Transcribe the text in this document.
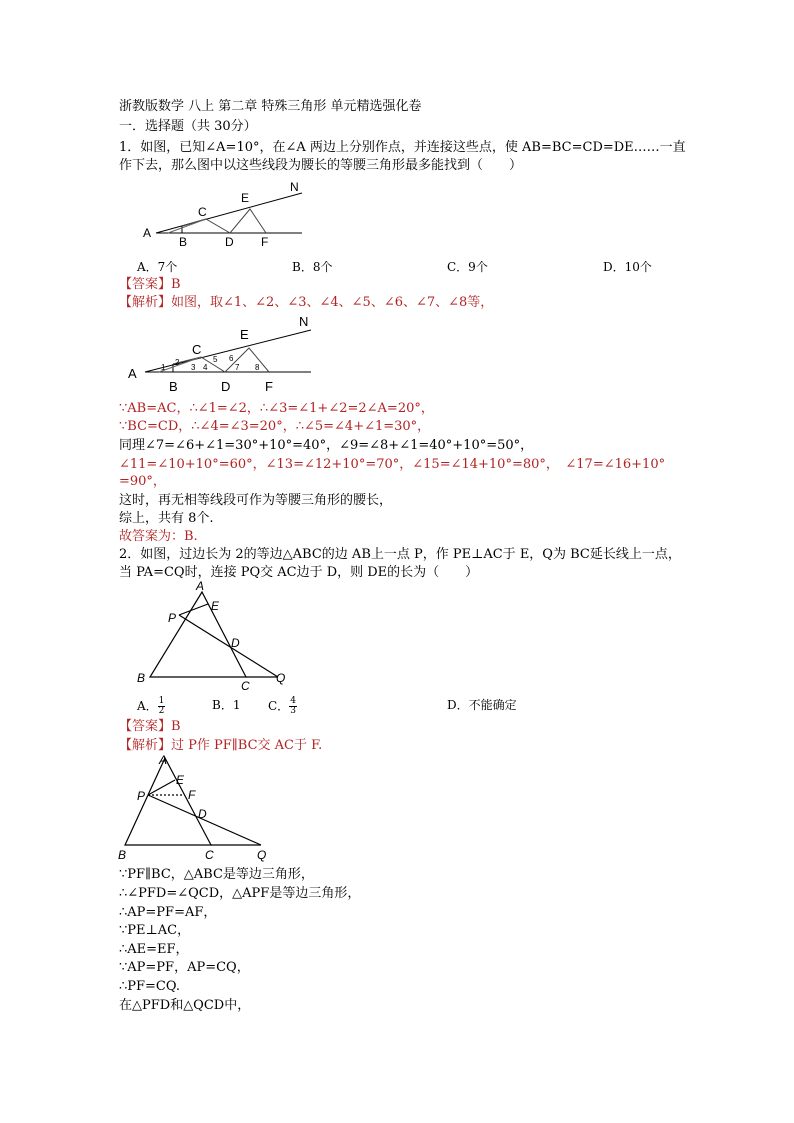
浙教版数学 八上 第二章 特殊三角形 单元精选强化卷
一．选择题（共 30分）
1．如图，已知∠A=10°，在∠A 两边上分别作点，并连接这些点，使 AB=BC=CD=DE……一直
作下去，那么图中以这些线段为腰长的等腰三角形最多能找到（　　）
A
B
C
D
E
F
N
A．7个	B．8个	C．9个	D．10个
【答案】B
【解析】如图，取∠1、∠2、∠3、∠4、∠5、∠6、∠7、∠8等，
A
B
C
D
E
F
N
1
2
3 4
5 6
7 8
∵AB=AC，∴∠1=∠2，∴∠3=∠1+∠2=2∠A=20°，
∵BC=CD，∴∠4=∠3=20°，∴∠5=∠4+∠1=30°，
同理∠7=∠6+∠1=30°+10°=40°，∠9=∠8+∠1=40°+10°=50°，
∠11=∠10+10°=60°，∠13=∠12+10°=70°，∠15=∠14+10°=80°，　∠17=∠16+10°
=90°，
这时，再无相等线段可作为等腰三角形的腰长，
综上，共有 8个.
故答案为：B.
2．如图，过边长为 2的等边△ABC的边 AB上一点 P，作 PE⊥AC于 E，Q为 BC延长线上一点，
当 PA=CQ时，连接 PQ交 AC边于 D，则 DE的长为（　　）
A
E
P
D
B
C
Q
A． $\frac{1}{2}$	B．1 C． $\frac{4}{3}$	D．不能确定
【答案】B
【解析】过 P作 PF∥BC交 AC于 F.
A
E
F
P
D
B	C	Q
∵PF∥BC，△ABC是等边三角形，
∴∠PFD=∠QCD，△APF是等边三角形，
∴AP=PF=AF，
∵PE⊥AC，
∴AE=EF，
∵AP=PF，AP=CQ，
∴PF=CQ.
在△PFD和△QCD中，
